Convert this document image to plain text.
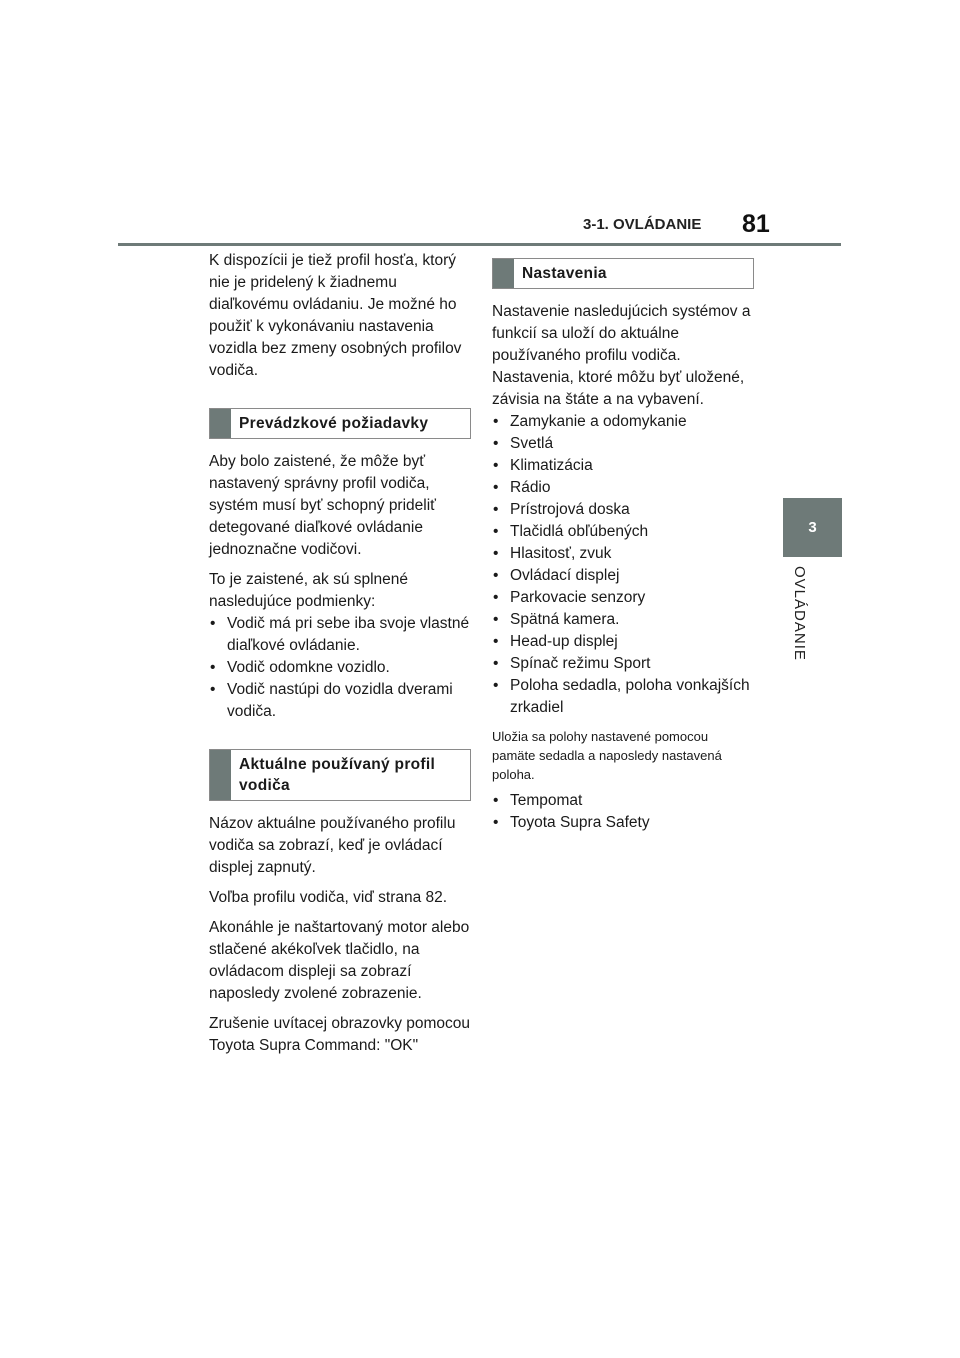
3-1. OVLÁDANIE 81
3
OVLÁDANIE

K dispozícii je tiež profil hosťa, ktorý nie je pridelený k žiadnemu diaľkovému ovládaniu. Je možné ho použiť k vykonávaniu nastavenia vozidla bez zmeny osobných profilov vodiča.

Prevádzkové požiadavky

Aby bolo zaistené, že môže byť nastavený správny profil vodiča, systém musí byť schopný prideliť detegované diaľkové ovládanie jednoznačne vodičovi.

To je zaistené, ak sú splnené nasledujúce podmienky:

• Vodič má pri sebe iba svoje vlastné diaľkové ovládanie.
• Vodič odomkne vozidlo.
• Vodič nastúpi do vozidla dverami vodiča.
Aktuálne používaný profil vodiča

Názov aktuálne používaného profilu vodiča sa zobrazí, keď je ovládací displej zapnutý.

Voľba profilu vodiča, viď strana 82.

Akonáhle je naštartovaný motor alebo stlačené akékoľvek tlačidlo, na ovládacom displeji sa zobrazí naposledy zvolené zobrazenie.

Zrušenie uvítacej obrazovky pomocou Toyota Supra Command: "OK"

Nastavenia

Nastavenie nasledujúcich systémov a funkcií sa uloží do aktuálne používaného profilu vodiča. Nastavenia, ktoré môžu byť uložené, závisia na štáte a na vybavení.

• Zamykanie a odomykanie
• Svetlá
• Klimatizácia
• Rádio
• Prístrojová doska
• Tlačidlá obľúbených
• Hlasitosť, zvuk
• Ovládací displej
• Parkovacie senzory
• Spätná kamera.
• Head-up displej
• Spínač režimu Sport
• Poloha sedadla, poloha vonkajších zrkadiel

Uložia sa polohy nastavené pomocou pamäte sedadla a naposledy nastavená poloha.

• Tempomat
• Toyota Supra Safety
